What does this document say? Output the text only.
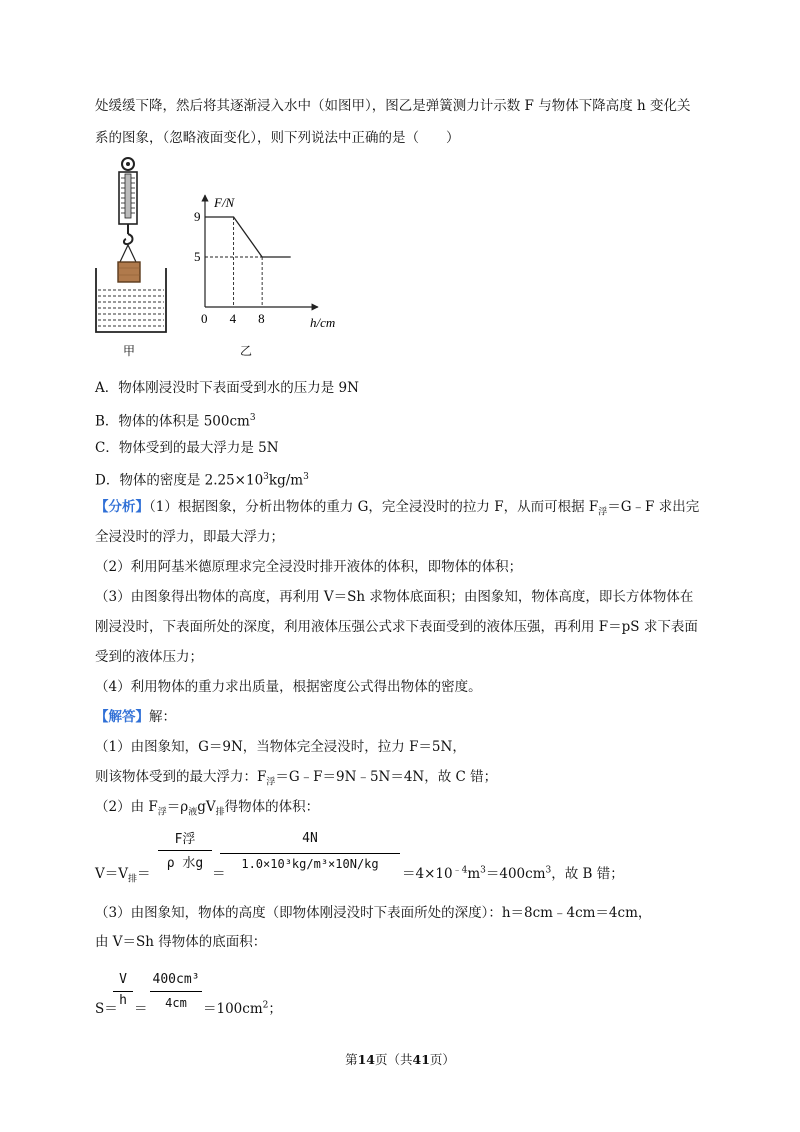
处缓缓下降，然后将其逐渐浸入水中（如图甲），图乙是弹簧测力计示数 F 与物体下降高度 h 变化关
系的图象，（忽略液面变化），则下列说法中正确的是（　　）
甲
F/N
h/cm
9
5
0 4 8
乙
A．物体刚浸没时下表面受到水的压力是 9N
B．物体的体积是 $500cm^3$
C．物体受到的最大浮力是 5N
D．物体的密度是 $2.25\times 10^3kg/m^3$
【分析】（1）根据图象，分析出物体的重力 G，完全浸没时的拉力 F，从而可根据 $F_浮=G﹣F$ 求出完
全浸没时的浮力，即最大浮力；
（2）利用阿基米德原理求完全浸没时排开液体的体积，即物体的体积；
（3）由图象得出物体的高度，再利用 V＝Sh 求物体底面积；由图象知，物体高度，即长方体物体在
刚浸没时，下表面所处的深度，利用液体压强公式求下表面受到的液体压强，再利用 F＝pS 求下表面
受到的液体压力；
（4）利用物体的重力求出质量，根据密度公式得出物体的密度。
【解答】解：
（1）由图象知，G＝9N，当物体完全浸没时，拉力 F＝5N，
则该物体受到的最大浮力：$F_浮=G﹣F=9N﹣5N=4N$，故 C 错；
（2）由 $F_浮=\rho_液gV_排$得物体的体积：
$V=V_排=$
F浮
ρ 水g
＝
4N
1.0×10³kg/m³×10N/kg
$=4\times 10^{﹣4}m^3=400cm^3$，故 B 错；
（3）由图象知，物体的高度（即物体刚浸没时下表面所处的深度）：h＝8cm﹣4cm＝4cm，
由 V＝Sh 得物体的底面积：
S＝
V
h
＝
400cm³
4cm	$=100cm^2$；
第14页（共41页）
